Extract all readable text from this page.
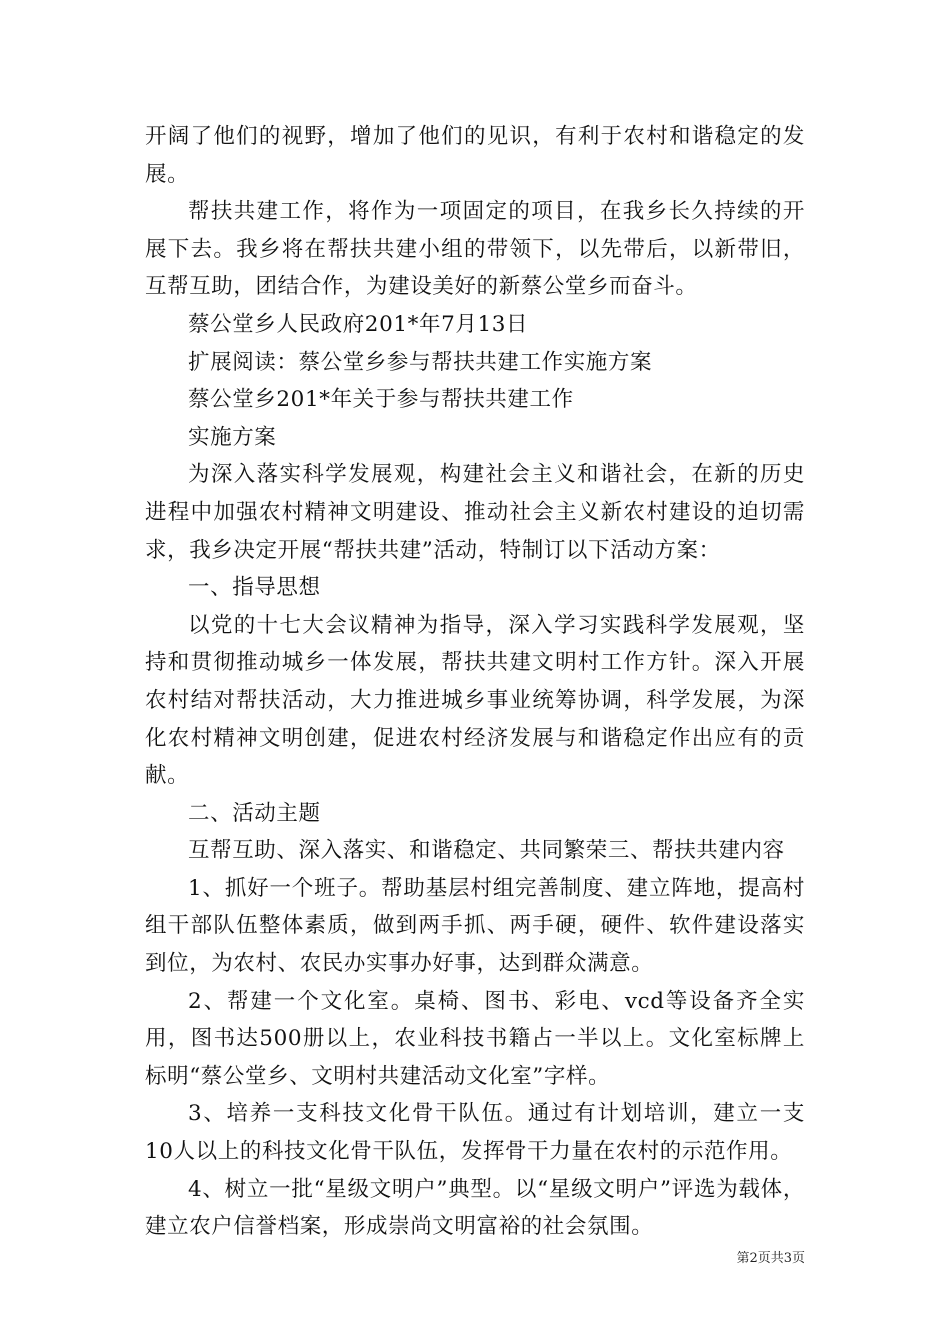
开阔了他们的视野，增加了他们的见识，有利于农村和谐稳定的发展。

帮扶共建工作，将作为一项固定的项目，在我乡长久持续的开展下去。我乡将在帮扶共建小组的带领下，以先带后，以新带旧，互帮互助，团结合作，为建设美好的新蔡公堂乡而奋斗。

蔡公堂乡人民政府201*年7月13日

扩展阅读：蔡公堂乡参与帮扶共建工作实施方案

蔡公堂乡201*年关于参与帮扶共建工作

实施方案

为深入落实科学发展观，构建社会主义和谐社会，在新的历史进程中加强农村精神文明建设、推动社会主义新农村建设的迫切需求，我乡决定开展“帮扶共建”活动，特制订以下活动方案：

一、指导思想

以党的十七大会议精神为指导，深入学习实践科学发展观，坚持和贯彻推动城乡一体发展，帮扶共建文明村工作方针。深入开展农村结对帮扶活动，大力推进城乡事业统筹协调，科学发展，为深化农村精神文明创建，促进农村经济发展与和谐稳定作出应有的贡献。

二、活动主题

互帮互助、深入落实、和谐稳定、共同繁荣三、帮扶共建内容

1、抓好一个班子。帮助基层村组完善制度、建立阵地，提高村组干部队伍整体素质，做到两手抓、两手硬，硬件、软件建设落实到位，为农村、农民办实事办好事，达到群众满意。

2、帮建一个文化室。桌椅、图书、彩电、vcd等设备齐全实用，图书达500册以上，农业科技书籍占一半以上。文化室标牌上标明“蔡公堂乡、文明村共建活动文化室”字样。

3、培养一支科技文化骨干队伍。通过有计划培训，建立一支10人以上的科技文化骨干队伍，发挥骨干力量在农村的示范作用。

4、树立一批“星级文明户”典型。以“星级文明户”评选为载体，建立农户信誉档案，形成崇尚文明富裕的社会氛围。

第2页共3页
